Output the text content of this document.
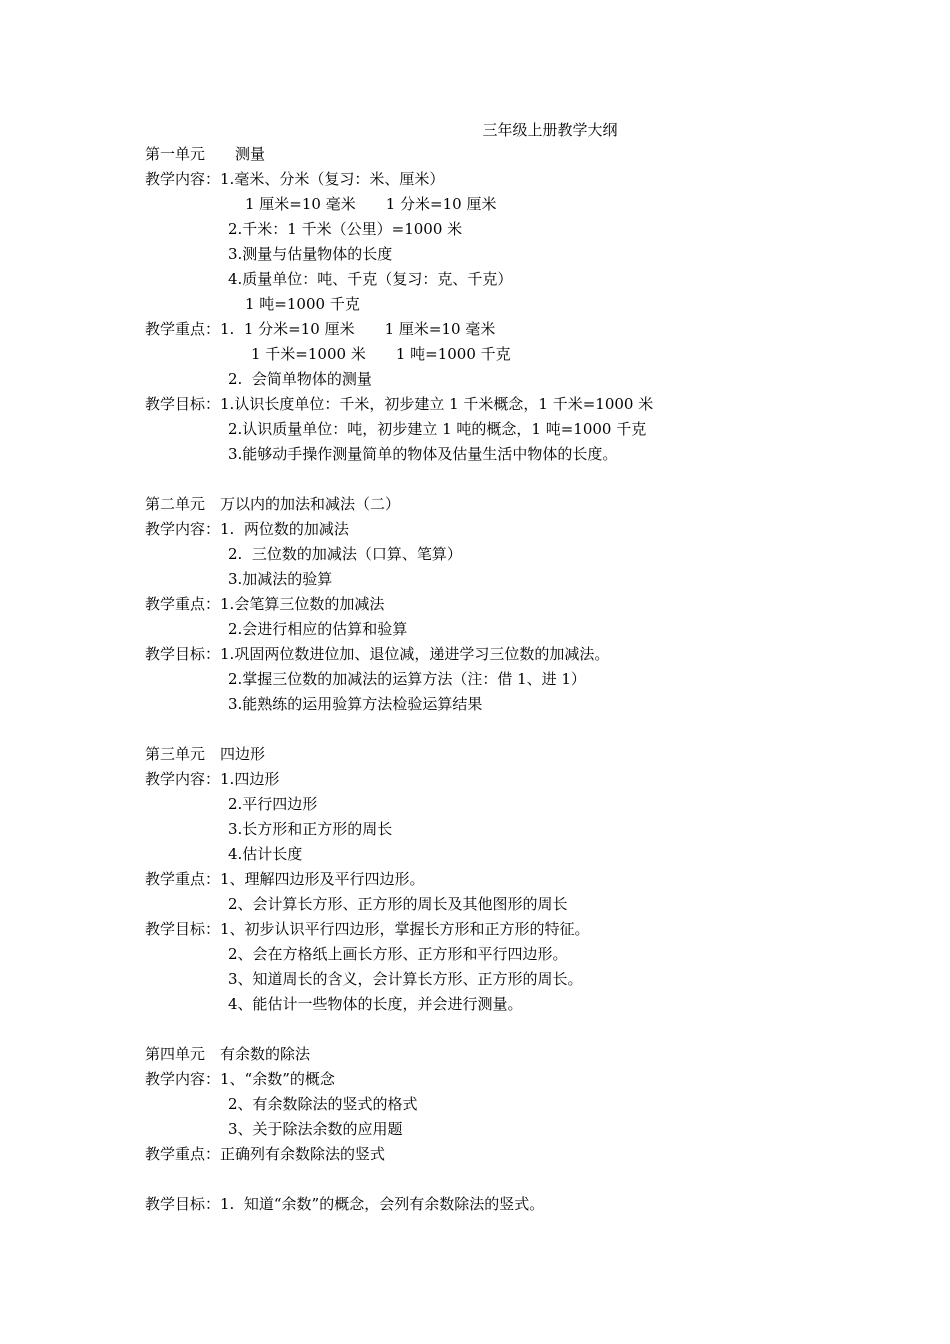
三年级上册教学大纲
第一单元　　测量
教学内容：1.毫米、分米（复习：米、厘米）
1 厘米=10 毫米　　1 分米=10 厘米
2.千米：1 千米（公里）=1000 米
3.测量与估量物体的长度
4.质量单位：吨、千克（复习：克、千克）
1 吨=1000 千克
教学重点：1.  1 分米=10 厘米　　1 厘米=10 毫米
1 千米=1000 米　　1 吨=1000 千克
2.  会简单物体的测量
教学目标：1.认识长度单位：千米，初步建立 1 千米概念，1 千米=1000 米
2.认识质量单位：吨，初步建立 1 吨的概念，1 吨=1000 千克
3.能够动手操作测量简单的物体及估量生活中物体的长度。
第二单元　万以内的加法和减法（二）
教学内容：1.  两位数的加减法
2.  三位数的加减法（口算、笔算）
3.加减法的验算
教学重点：1.会笔算三位数的加减法
2.会进行相应的估算和验算
教学目标：1.巩固两位数进位加、退位减，递进学习三位数的加减法。
2.掌握三位数的加减法的运算方法（注：借 1、进 1）
3.能熟练的运用验算方法检验运算结果
第三单元　四边形
教学内容：1.四边形
2.平行四边形
3.长方形和正方形的周长
4.估计长度
教学重点：1、理解四边形及平行四边形。
2、会计算长方形、正方形的周长及其他图形的周长
教学目标：1、初步认识平行四边形，掌握长方形和正方形的特征。
2、会在方格纸上画长方形、正方形和平行四边形。
3、知道周长的含义，会计算长方形、正方形的周长。
4、能估计一些物体的长度，并会进行测量。
第四单元　有余数的除法
教学内容：1、“余数”的概念
2、有余数除法的竖式的格式
3、关于除法余数的应用题
教学重点：正确列有余数除法的竖式
教学目标：1.  知道“余数”的概念，会列有余数除法的竖式。
